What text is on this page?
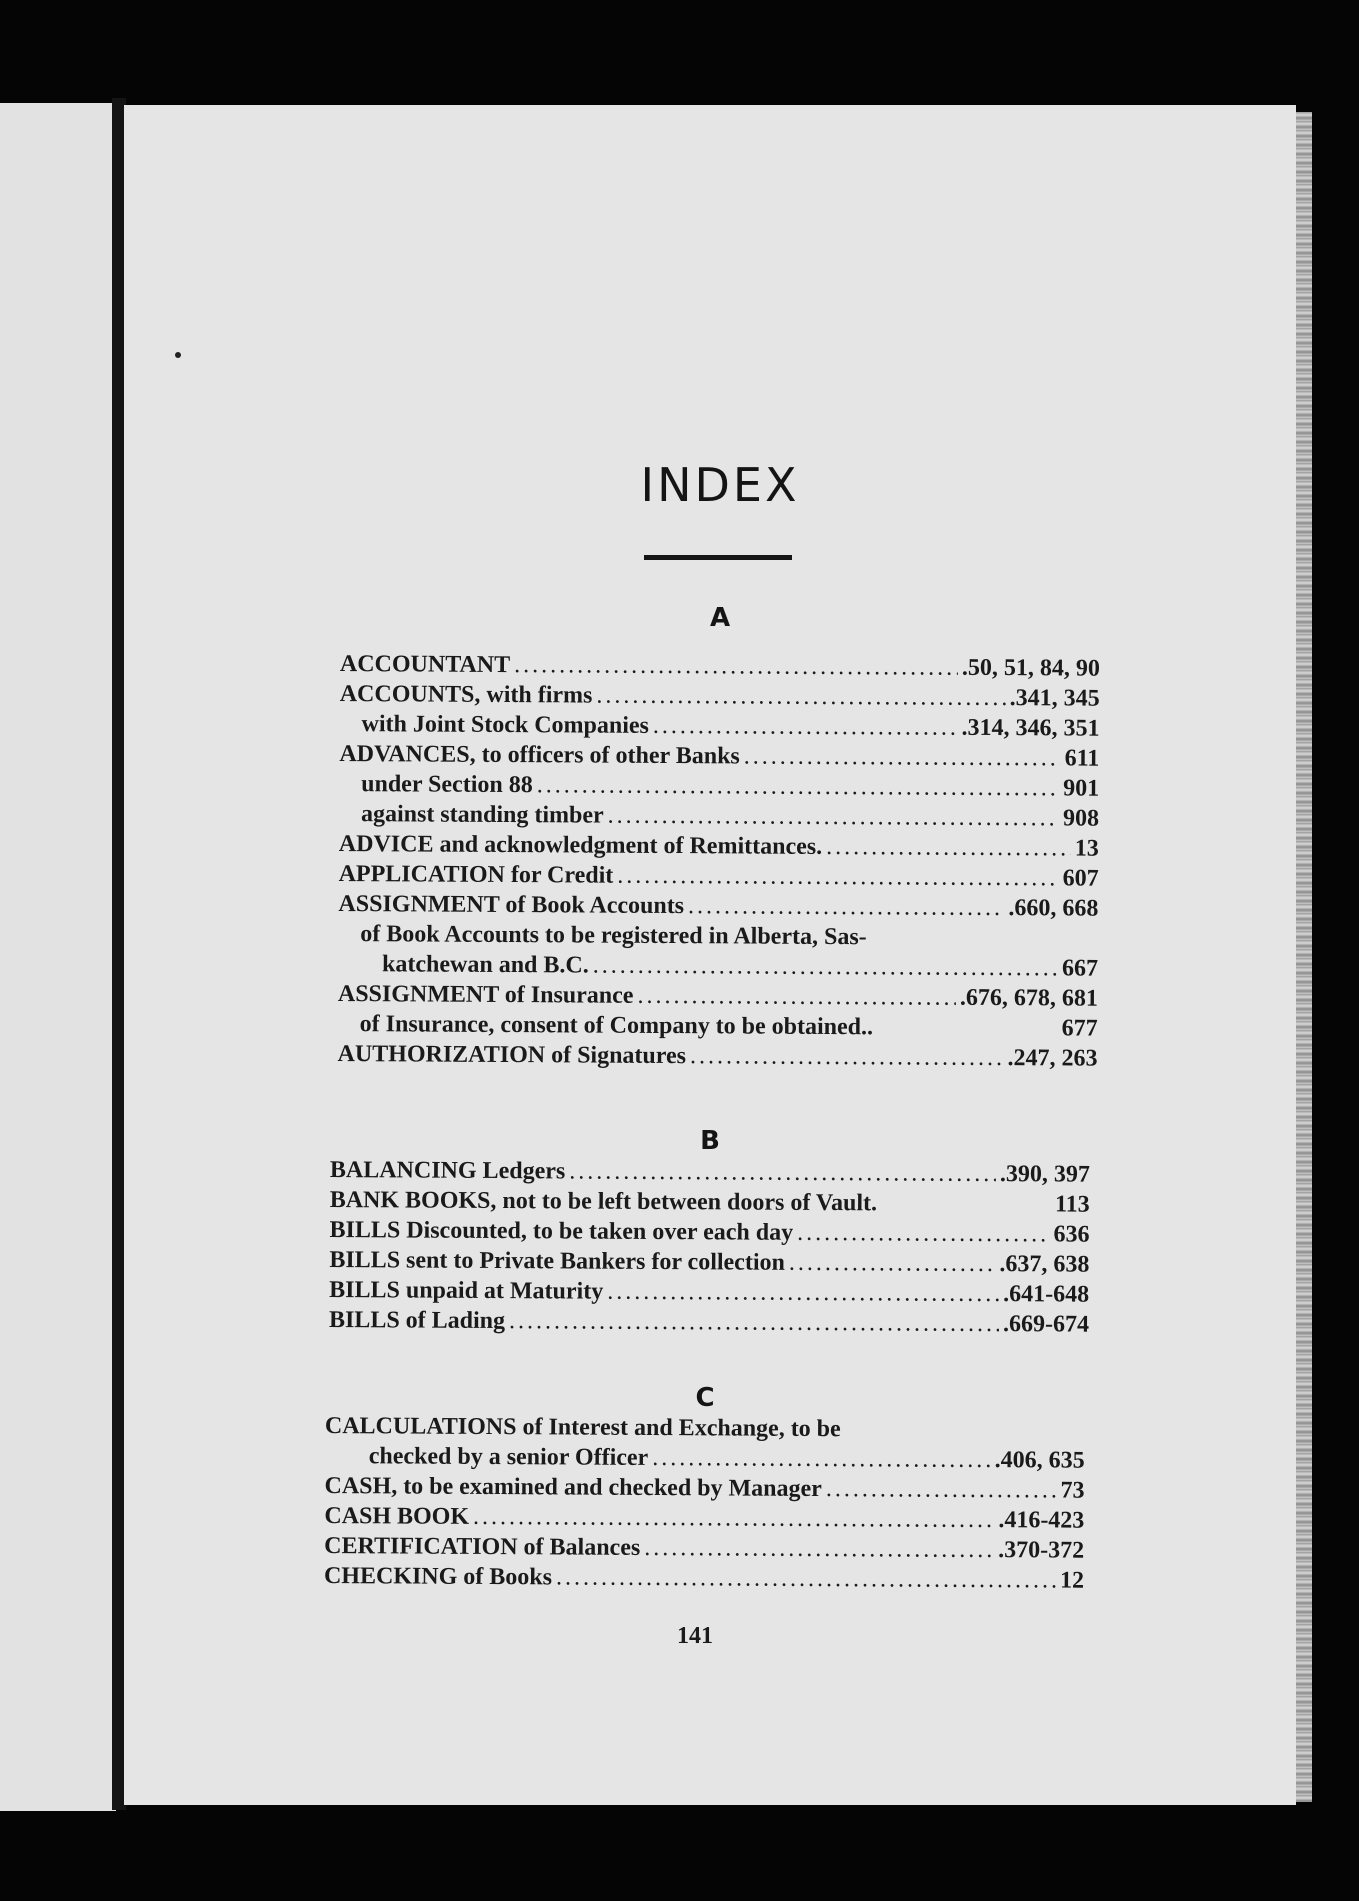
INDEX
A
ACCOUNTANT .....	.50, 51, 84, 90
ACCOUNTS, with firms .....	.341, 345
with Joint Stock Companies .....	.314, 346, 351
ADVANCES, to officers of other Banks .....	611
under Section 88 .....	901
against standing timber .....	908
ADVICE and acknowledgment of Remittances. .....	13
APPLICATION for Credit .....	607
ASSIGNMENT of Book Accounts .....	.660, 668
of Book Accounts to be registered in Alberta, Sas-
katchewan and B.C. .....	667
ASSIGNMENT of Insurance .....	.676, 678, 681
of Insurance, consent of Company to be obtained..	677
AUTHORIZATION of Signatures .....	.247, 263
B
BALANCING Ledgers .....	.390, 397
BANK BOOKS, not to be left between doors of Vault.	113
BILLS Discounted, to be taken over each day .....	636
BILLS sent to Private Bankers for collection .....	.637, 638
BILLS unpaid at Maturity .....	.641-648
BILLS of Lading .....	.669-674
C
CALCULATIONS of Interest and Exchange, to be
checked by a senior Officer .....	.406, 635
CASH, to be examined and checked by Manager .....	73
CASH BOOK .....	.416-423
CERTIFICATION of Balances .....	.370-372
CHECKING of Books .....	12
141
